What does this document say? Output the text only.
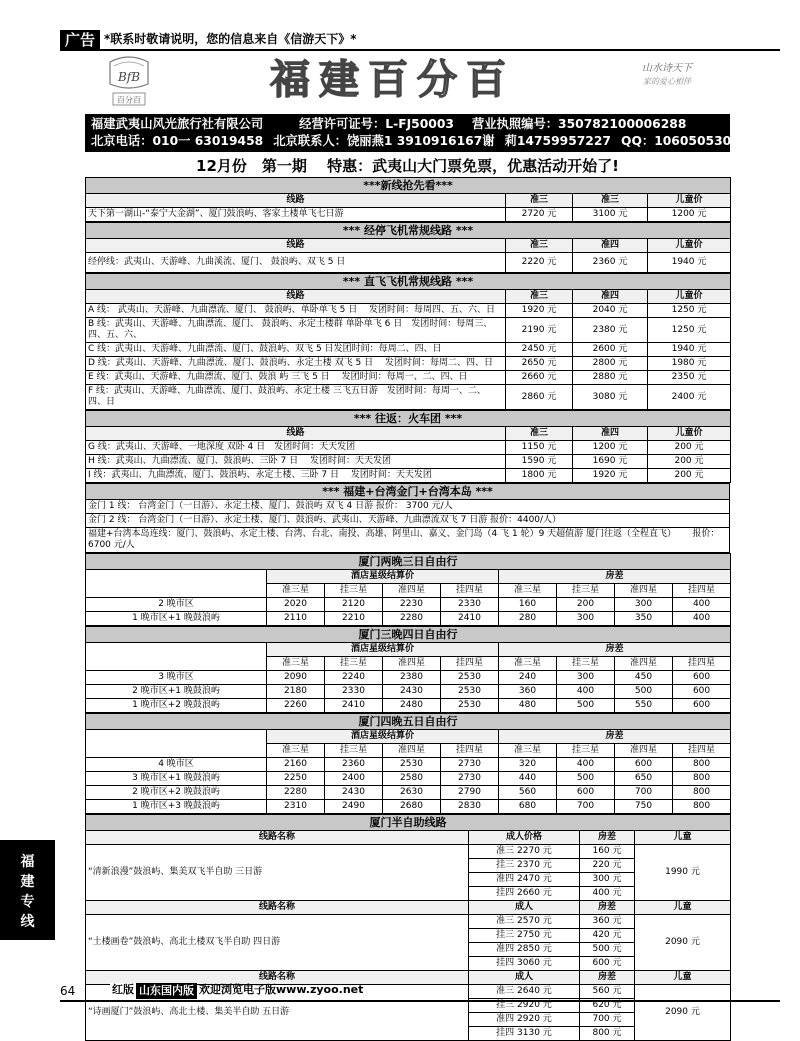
广告 *联系时敬请说明，您的信息来自《信游天下》*
BfB
百分百	福建百分百	山水诗天下
家的爱心相伴
福建武夷山风光旅行社有限公司	经营许可证号：L-FJ50003 营业执照编号：350782100006288
北京电话：010一 63019458 北京联系人：饶丽燕1 3910916167谢 莉14759957227 QQ：1060505302
12月份　第一期　 特惠：武夷山大门票免票，优惠活动开始了!
***新线抢先看***			
线路	准三	准三	儿童价
天下第一湖山-“泰宁大金湖”、厦门鼓浪屿、客家土楼单飞七日游	2720 元	3100 元	1200 元
*** 经停飞机常规线路 ***			
线路	准三	准四	儿童价
经停线：武夷山、天游峰、九曲溪流、厦门、 鼓浪屿、双飞 5 日	2220 元	2360 元	1940 元
*** 直飞飞机常规线路 ***			
线路	准三	准四	儿童价
A 线： 武夷山、天游峰、九曲漂流、厦门、 鼓浪屿、单卧单飞 5 日　 发团时间：每周四、五、六、日	1920 元	2040 元	1250 元
B 线：武夷山、天游峰、九曲漂流、厦门、 鼓浪屿、永定土楼群 单卧单飞 6 日　发团时间：每周三、四、五、六、	2190 元	2380 元	1250 元
C 线：武夷山、天游峰、九曲漂流、厦门、鼓浪屿、双飞 5 日发团时间：每周二、四、日	2450 元	2600 元	1940 元
D 线：武夷山、天游峰、九曲漂流、厦门、鼓浪屿、永定土楼 双飞 5 日　 发团时间：每周二、四、日	2650 元	2800 元	1980 元
E 线：武夷山、天游峰、九曲漂流、厦门、鼓浪 屿 三飞 5 日　 发团时间：每周一、二、四、日	2660 元	2880 元	2350 元
F 线：武夷山、天游峰、九曲漂流、厦门、鼓浪屿、永定土楼 三飞五日游　发团时间：每周一、二、四、日	2860 元	3080 元	2400 元
*** 往返：火车团 ***			
线路	准三	准四	儿童价
G 线：武夷山、天游峰、一地深度 双卧 4 日　发团时间：天天发团	1150 元	1200 元	200 元
H 线：武夷山、九曲漂流、厦门、鼓浪屿、三卧 7 日　 发团时间：天天发团	1590 元	1690 元	200 元
I 线：武夷山、九曲漂流、厦门、鼓浪屿、永定土楼、三卧 7 日　 发团时间：天天发团	1800 元	1920 元	200 元
*** 福建+台湾金门+台湾本岛 ***
金门 1 线： 台湾金门（一日游）、永定土楼、厦门、鼓浪屿 双飞 4 日游 报价： 3700 元/人
金门 2 线： 台湾金门（一日游）、永定土楼、厦门、鼓浪屿、武夷山、天游峰、九曲漂流双飞 7 日游 报价：4400/人）
福建+台湾本岛连线：厦门、鼓浪屿、永定土楼、台湾、台北、南投、高雄、阿里山、嘉义、金门岛（4 飞 1 轮）9 天超值游 厦门往返（全程直飞）　　 报价： 6700 元/人
厦门两晚三日自由行								
	酒店星级结算价				房差			
	准三星	挂三星	准四星	挂四星	准三星	挂三星	准四星	挂四星
2 晚市区	2020	2120	2230	2330	160	200	300	400
1 晚市区+1 晚鼓浪屿	2110	2210	2280	2410	280	300	350	400
厦门三晚四日自由行								
	酒店星级结算价				房差			
	准三星	挂三星	准四星	挂四星	准三星	挂三星	准四星	挂四星
3 晚市区	2090	2240	2380	2530	240	300	450	600
2 晚市区+1 晚鼓浪屿	2180	2330	2430	2530	360	400	500	600
1 晚市区+2 晚鼓浪屿	2260	2410	2480	2530	480	500	550	600
厦门四晚五日自由行								
	酒店星级结算价				房差			
	准三星	挂三星	准四星	挂四星	准三星	挂三星	准四星	挂四星
4 晚市区	2160	2360	2530	2730	320	400	600	800
3 晚市区+1 晚鼓浪屿	2250	2400	2580	2730	440	500	650	800
2 晚市区+2 晚鼓浪屿	2280	2430	2630	2790	560	600	700	800
1 晚市区+3 晚鼓浪屿	2310	2490	2680	2830	680	700	750	800
厦门半自助线路			
线路名称	成人价格	房差	儿童
“清新浪漫”鼓浪屿、集美双飞半自助 三日游	准三 2270 元	160 元	1990 元
	挂三 2370 元	220 元	
	准四 2470 元	300 元	
	挂四 2660 元	400 元	
线路名称	成人	房差	儿童
“土楼画卷”鼓浪屿、高北土楼双飞半自助 四日游	准三 2570 元	360 元	2090 元
	挂三 2750 元	420 元	
	准四 2850 元	500 元	
	挂四 3060 元	600 元	
线路名称	成人	房差	儿童
“诗画厦门”鼓浪屿、高北土楼、集美半自助 五日游	准三 2640 元	560 元	2090 元
	挂三 2920 元	620 元	
	准四 2920 元	700 元	
	挂四 3130 元	800 元	
福
建
专
线
64	红版 山东国内版 欢迎浏览电子版www.zyoo.net
